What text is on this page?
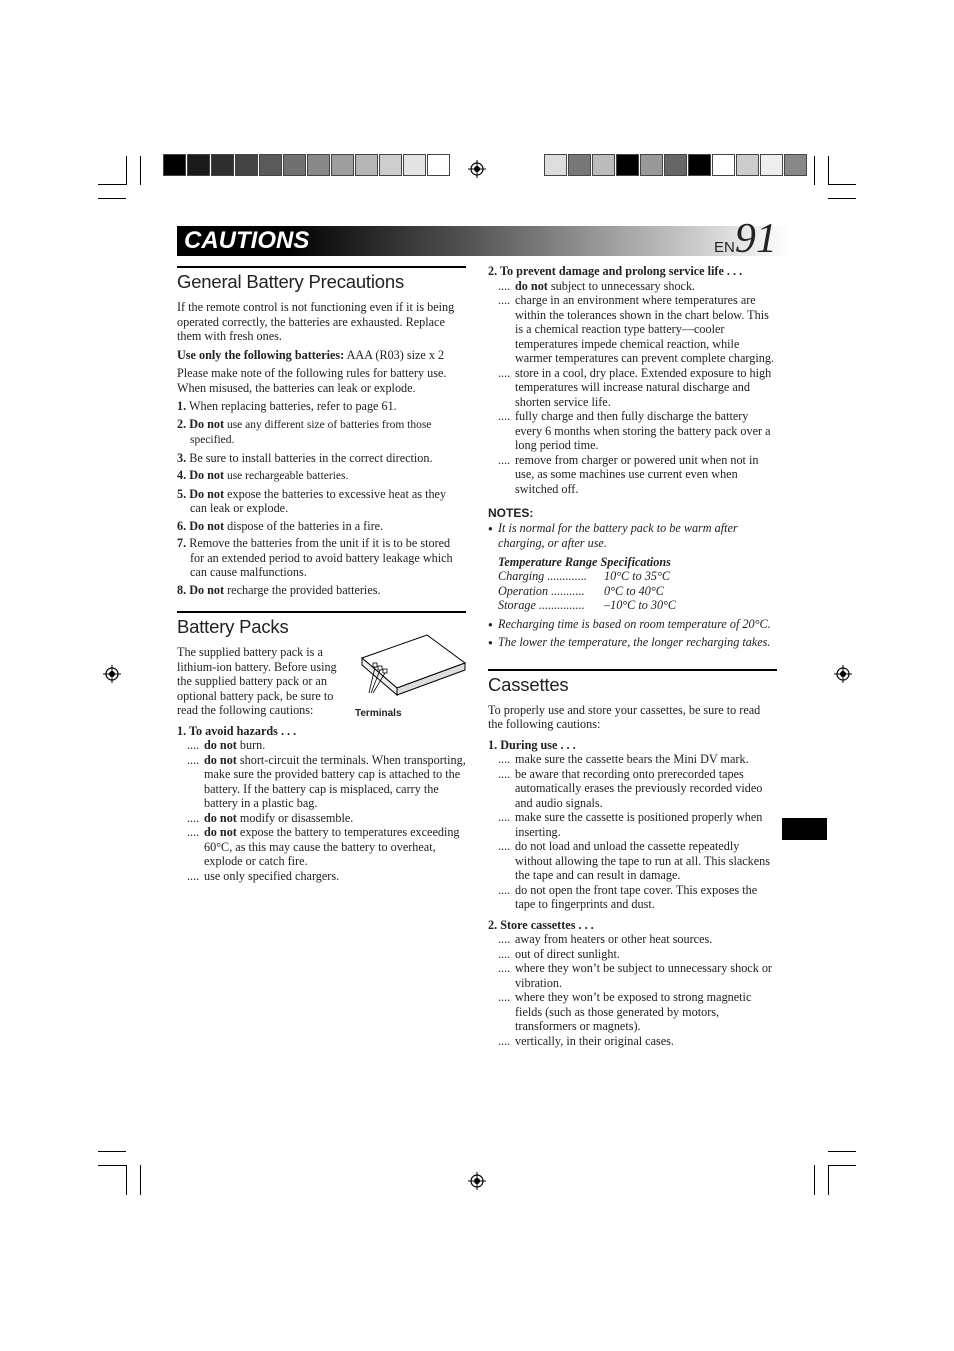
CAUTIONS	EN91
General Battery Precautions

If the remote control is not functioning even if it is being operated correctly, the batteries are exhausted. Replace them with fresh ones.

Use only the following batteries: AAA (R03) size x 2

Please make note of the following rules for battery use. When misused, the batteries can leak or explode.

1. When replacing batteries, refer to page 61.
2. Do not use any different size of batteries from those specified.
3. Be sure to install batteries in the correct direction.
4. Do not use rechargeable batteries.
5. Do not expose the batteries to excessive heat as they can leak or explode.
6. Do not dispose of the batteries in a fire.
7. Remove the batteries from the unit if it is to be stored for an extended period to avoid battery leakage which can cause malfunctions.
8. Do not recharge the provided batteries.
Battery Packs

The supplied battery pack is a lithium-ion battery. Before using the supplied battery pack or an optional battery pack, be sure to read the following cautions:	Terminals

1. To avoid hazards . . .

.... do not burn.
.... do not short-circuit the terminals. When transporting, make sure the provided battery cap is attached to the battery. If the battery cap is misplaced, carry the battery in a plastic bag.
.... do not modify or disassemble.
.... do not expose the battery to temperatures exceeding 60°C, as this may cause the battery to overheat, explode or catch fire.
.... use only specified chargers.

2. To prevent damage and prolong service life . . .

.... do not subject to unnecessary shock.
.... charge in an environment where temperatures are within the tolerances shown in the chart below. This is a chemical reaction type battery—cooler temperatures impede chemical reaction, while warmer temperatures can prevent complete charging.
.... store in a cool, dry place. Extended exposure to high temperatures will increase natural discharge and shorten service life.
.... fully charge and then fully discharge the battery every 6 months when storing the battery pack over a long period time.
.... remove from charger or powered unit when not in use, as some machines use current even when switched off.
NOTES:

● It is normal for the battery pack to be warm after charging, or after use.

Temperature Range Specifications
Charging ............. 10°C to 35°C
Operation ........... 0°C to 40°C
Storage ............... –10°C to 30°C

● Recharging time is based on room temperature of 20°C.

● The lower the temperature, the longer recharging takes.

Cassettes

To properly use and store your cassettes, be sure to read the following cautions:

1. During use . . .

.... make sure the cassette bears the Mini DV mark.
.... be aware that recording onto prerecorded tapes automatically erases the previously recorded video and audio signals.
.... make sure the cassette is positioned properly when inserting.
.... do not load and unload the cassette repeatedly without allowing the tape to run at all. This slackens the tape and can result in damage.
.... do not open the front tape cover. This exposes the tape to fingerprints and dust.

2. Store cassettes . . .

.... away from heaters or other heat sources.
.... out of direct sunlight.
.... where they won’t be subject to unnecessary shock or vibration.
.... where they won’t be exposed to strong magnetic fields (such as those generated by motors, transformers or magnets).
.... vertically, in their original cases.
